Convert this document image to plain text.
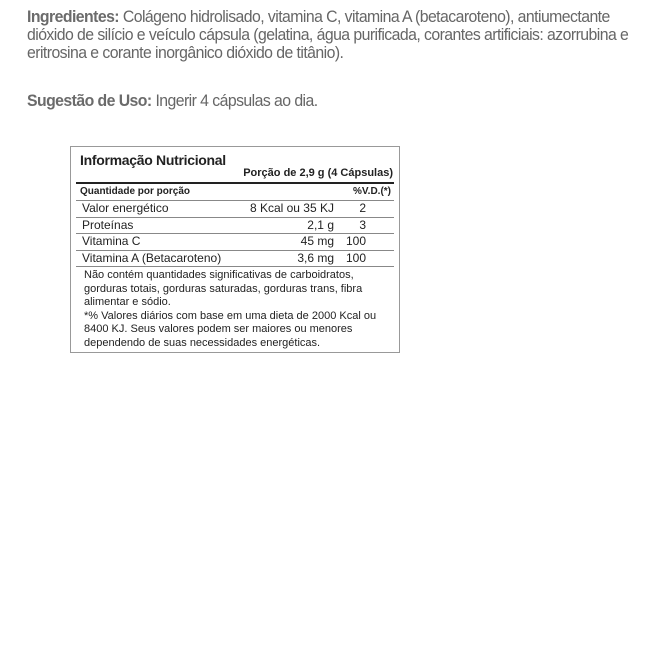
Ingredientes: Colágeno hidrolisado, vitamina C, vitamina A (betacaroteno), antiumectante dióxido de silício e veículo cápsula (gelatina, água purificada, corantes artificiais: azorrubina e eritrosina e corante inorgânico dióxido de titânio).
Sugestão de Uso: Ingerir 4 cápsulas ao dia.
Informação Nutricional
Porção de 2,9 g (4 Cápsulas)
Quantidade por porção	%V.D.(*)
Valor energético	8 Kcal ou 35 KJ	2
Proteínas	2,1 g	3
Vitamina C	45 mg 100
Vitamina A (Betacaroteno)	3,6 mg 100
Não contém quantidades significativas de carboidratos, gorduras totais, gorduras saturadas, gorduras trans, fibra alimentar e sódio.
*% Valores diários com base em uma dieta de 2000 Kcal ou 8400 KJ. Seus valores podem ser maiores ou menores dependendo de suas necessidades energéticas.
